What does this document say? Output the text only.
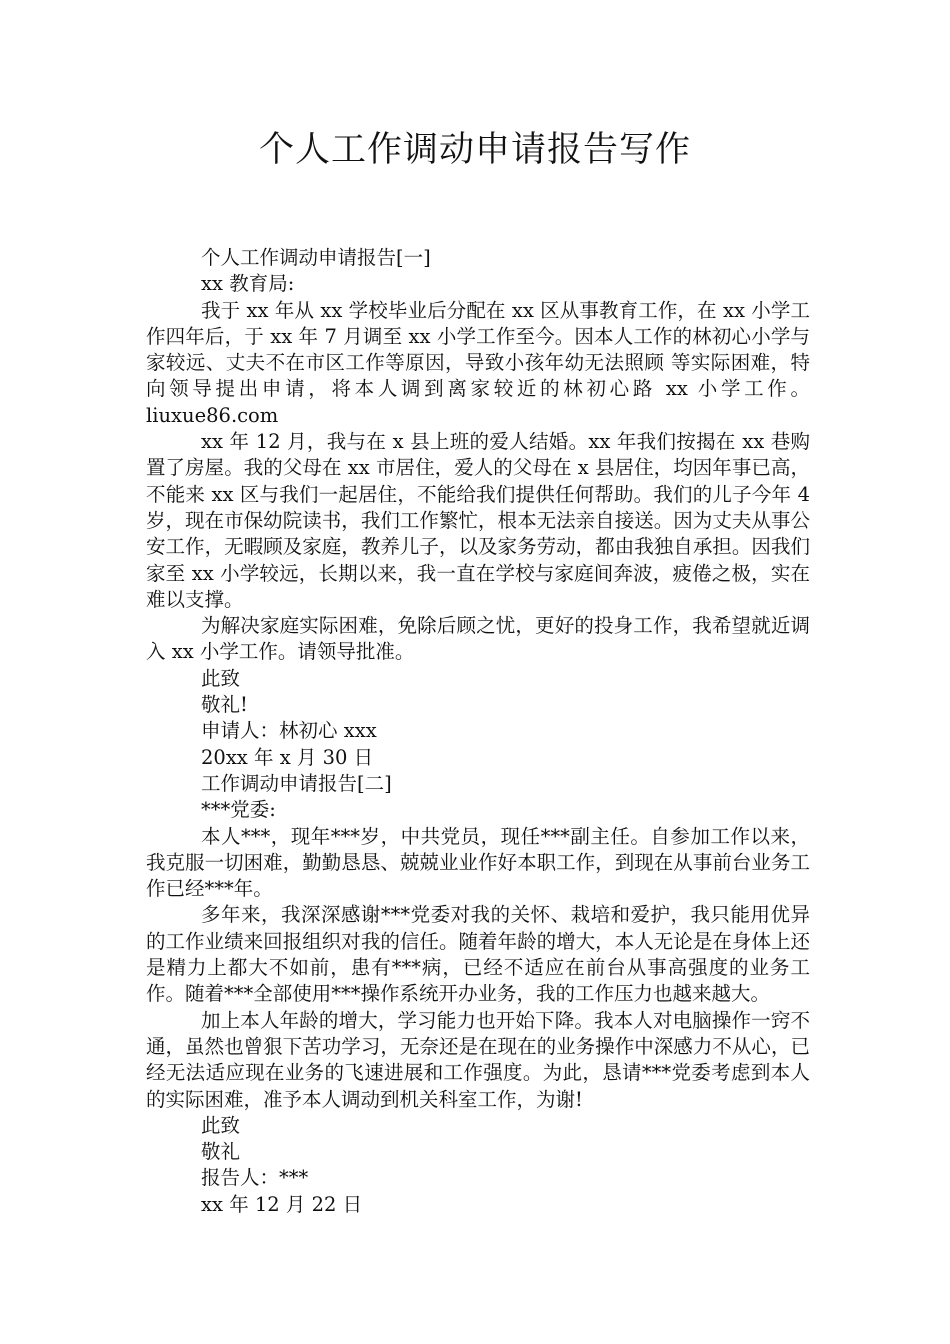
个人工作调动申请报告写作

个人工作调动申请报告[一]

xx 教育局:

我于 xx 年从 xx 学校毕业后分配在 xx 区从事教育工作，在 xx 小学工作四年后，于 xx 年 7 月调至 xx 小学工作至今。因本人工作的林初心小学与家较远、丈夫不在市区工作等原因，导致小孩年幼无法照顾 等实际困难，特向领导提出申请，将本人调到离家较近的林初心路 xx 小学工作。liuxue86.com

xx 年 12 月，我与在 x 县上班的爱人结婚。xx 年我们按揭在 xx 巷购置了房屋。我的父母在 xx 市居住，爱人的父母在 x 县居住，均因年事已高，不能来 xx 区与我们一起居住，不能给我们提供任何帮助。我们的儿子今年 4 岁，现在市保幼院读书，我们工作繁忙，根本无法亲自接送。因为丈夫从事公安工作，无暇顾及家庭，教养儿子，以及家务劳动，都由我独自承担。因我们家至 xx 小学较远，长期以来，我一直在学校与家庭间奔波，疲倦之极，实在难以支撑。

为解决家庭实际困难，免除后顾之忧，更好的投身工作，我希望就近调入 xx 小学工作。请领导批准。

此致

敬礼!

申请人：林初心 xxx

20xx 年 x 月 30 日

工作调动申请报告[二]

***党委:

本人***，现年***岁，中共党员，现任***副主任。自参加工作以来，我克服一切困难，勤勤恳恳、兢兢业业作好本职工作，到现在从事前台业务工作已经***年。

多年来，我深深感谢***党委对我的关怀、栽培和爱护，我只能用优异的工作业绩来回报组织对我的信任。随着年龄的增大，本人无论是在身体上还是精力上都大不如前，患有***病，已经不适应在前台从事高强度的业务工作。随着***全部使用***操作系统开办业务，我的工作压力也越来越大。

加上本人年龄的增大，学习能力也开始下降。我本人对电脑操作一窍不通，虽然也曾狠下苦功学习，无奈还是在现在的业务操作中深感力不从心，已经无法适应现在业务的飞速进展和工作强度。为此，恳请***党委考虑到本人的实际困难，准予本人调动到机关科室工作，为谢!

此致

敬礼

报告人：***

xx 年 12 月 22 日
